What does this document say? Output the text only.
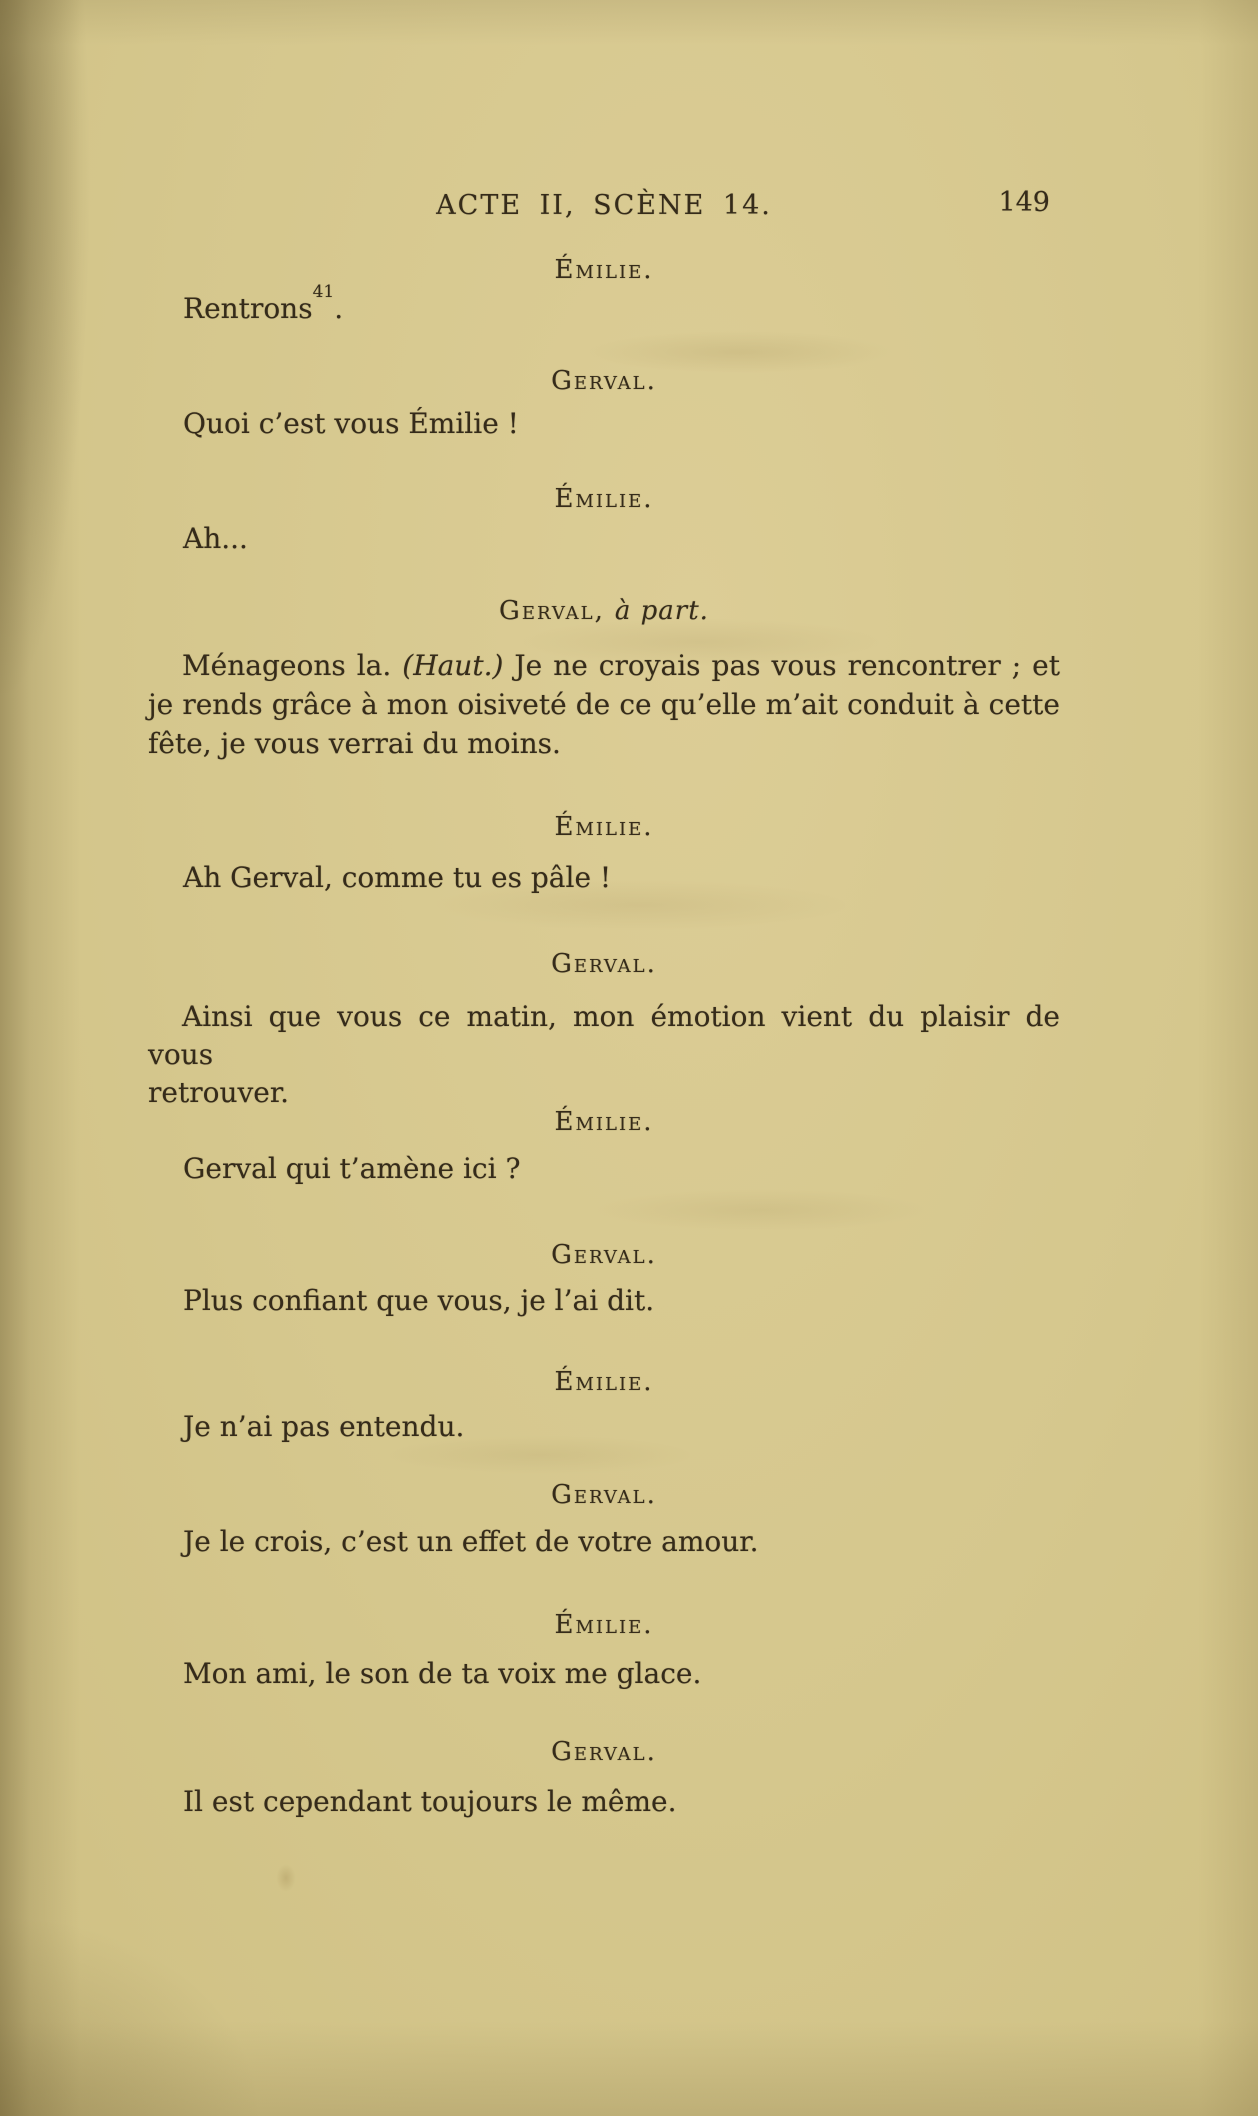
ACTE II, SCÈNE 14.	149
Émilie.
Rentrons$^{41}$.
Gerval.
Quoi c’est vous Émilie !
Émilie.
Ah...
Gerval, à part.
Ménageons la. (Haut.) Je ne croyais pas vous rencontrer ; et
je rends grâce à mon oisiveté de ce qu’elle m’ait conduit à cette
fête, je vous verrai du moins.
Émilie.
Ah Gerval, comme tu es pâle !
Gerval.
Ainsi que vous ce matin, mon émotion vient du plaisir de vous
retrouver.
Émilie.
Gerval qui t’amène ici ?
Gerval.
Plus confiant que vous, je l’ai dit.
Émilie.
Je n’ai pas entendu.
Gerval.
Je le crois, c’est un effet de votre amour.
Émilie.
Mon ami, le son de ta voix me glace.
Gerval.
Il est cependant toujours le même.
